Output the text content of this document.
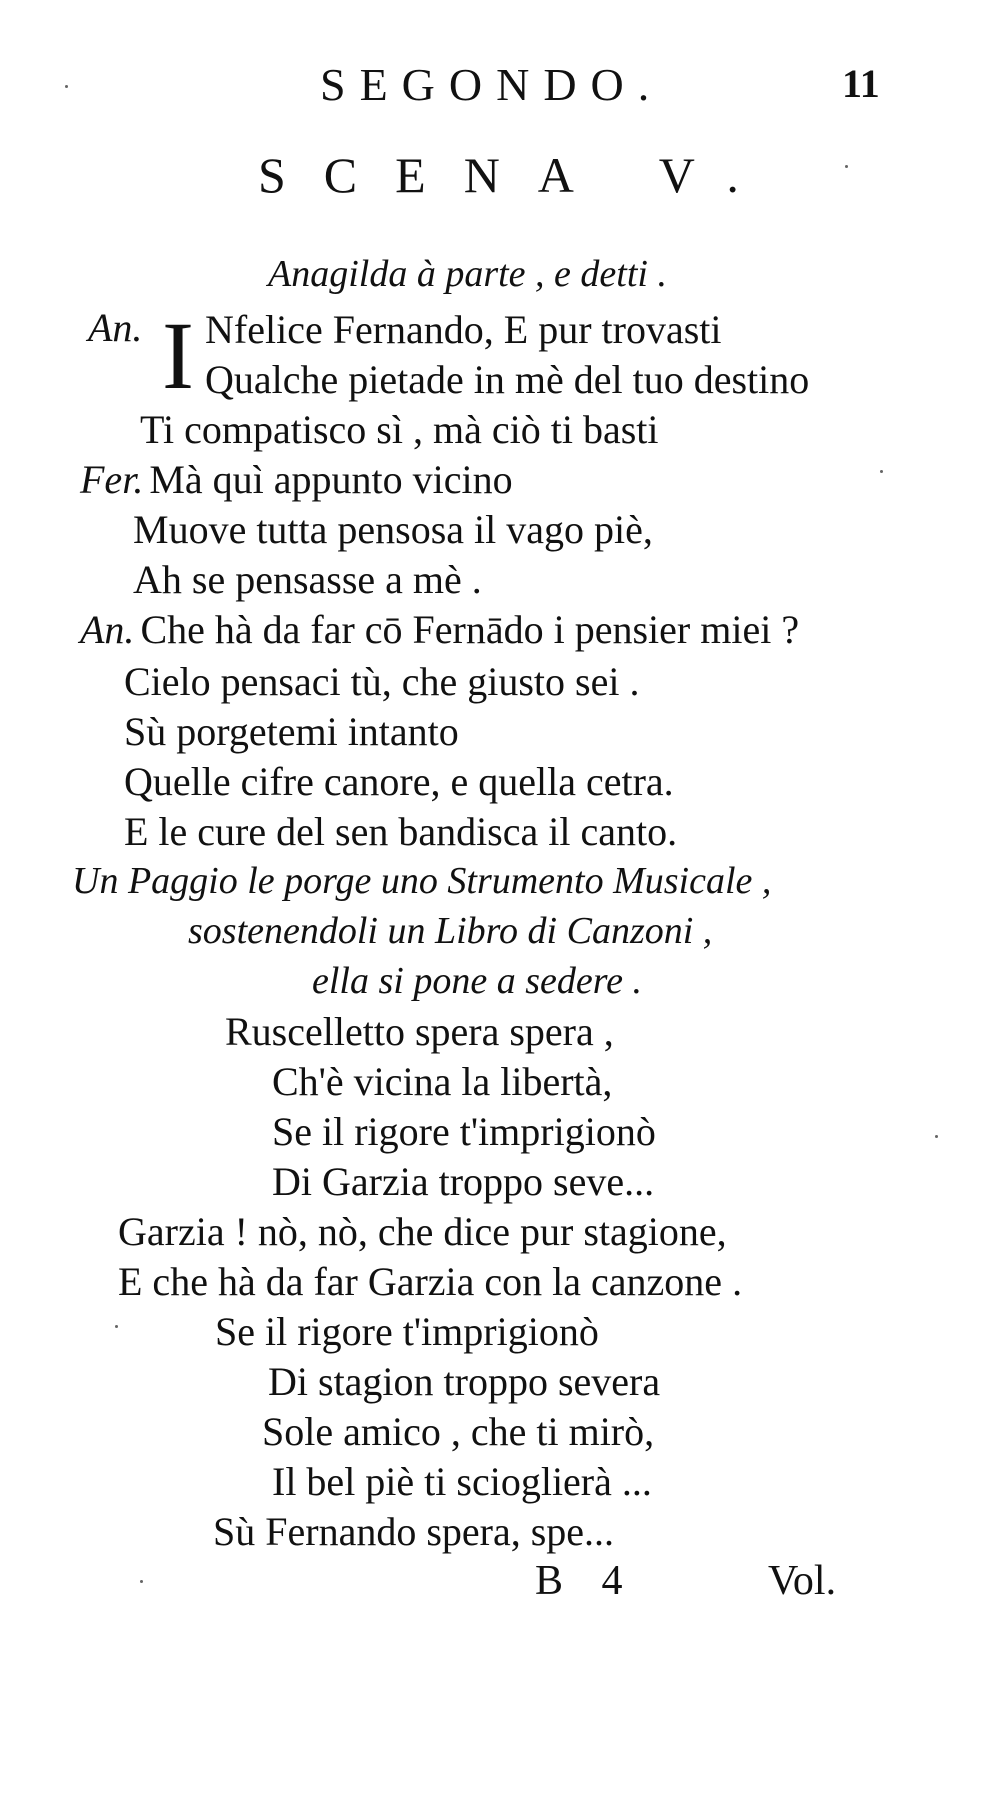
SEGONDO.	11
SCENA V.
Anagilda à parte , e detti .
An. I Nfelice Fernando, E pur trovasti
Qualche pietade in mè del tuo destino
Ti compatisco sì , mà ciò ti basti
Fer. Mà quì appunto vicino
Muove tutta pensosa il vago piè,
Ah se pensasse a mè .
An. Che hà da far cō Fernādo i pensier miei ?
Cielo pensaci tù, che giusto sei .
Sù porgetemi intanto
Quelle cifre canore, e quella cetra.
E le cure del sen bandisca il canto.
Un Paggio le porge uno Strumento Musicale ,
sostenendoli un Libro di Canzoni ,
ella si pone a sedere .
Ruscelletto spera spera ,
Ch'è vicina la libertà,
Se il rigore t'imprigionò
Di Garzia troppo seve...
Garzia ! nò, nò, che dice pur stagione,
E che hà da far Garzia con la canzone .
Se il rigore t'imprigionò
Di stagion troppo severa
Sole amico , che ti mirò,
Il bel piè ti scioglierà ...
Sù Fernando spera, spe...
B 4	Vol.
